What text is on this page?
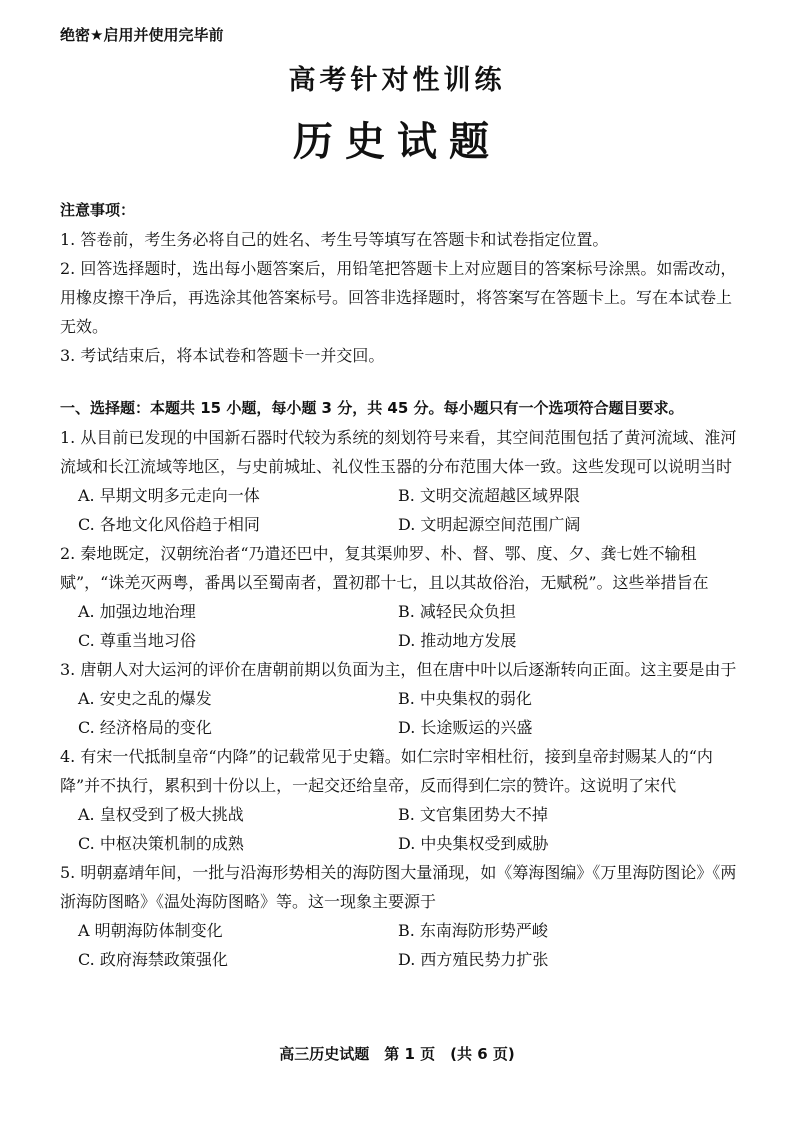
绝密★启用并使用完毕前
高考针对性训练
历史试题
注意事项：

1. 答卷前，考生务必将自己的姓名、考生号等填写在答题卡和试卷指定位置。

2. 回答选择题时，选出每小题答案后，用铅笔把答题卡上对应题目的答案标号涂黑。如需改动，用橡皮擦干净后，再选涂其他答案标号。回答非选择题时，将答案写在答题卡上。写在本试卷上无效。

3. 考试结束后，将本试卷和答题卡一并交回。

一、选择题：本题共 15 小题，每小题 3 分，共 45 分。每小题只有一个选项符合题目要求。

1. 从目前已发现的中国新石器时代较为系统的刻划符号来看，其空间范围包括了黄河流域、淮河流域和长江流域等地区，与史前城址、礼仪性玉器的分布范围大体一致。这些发现可以说明当时

A. 早期文明多元走向一体	B. 文明交流超越区域界限

C. 各地文化风俗趋于相同	D. 文明起源空间范围广阔

2. 秦地既定，汉朝统治者“乃遣还巴中，复其渠帅罗、朴、督、鄂、度、夕、龚七姓不输租赋”，“诛羌灭两粤，番禺以至蜀南者，置初郡十七，且以其故俗治，无赋税”。这些举措旨在

A. 加强边地治理	B. 减轻民众负担

C. 尊重当地习俗	D. 推动地方发展

3. 唐朝人对大运河的评价在唐朝前期以负面为主，但在唐中叶以后逐渐转向正面。这主要是由于

A. 安史之乱的爆发	B. 中央集权的弱化

C. 经济格局的变化	D. 长途贩运的兴盛

4. 有宋一代抵制皇帝“内降”的记载常见于史籍。如仁宗时宰相杜衍，接到皇帝封赐某人的“内降”并不执行，累积到十份以上，一起交还给皇帝，反而得到仁宗的赞许。这说明了宋代

A. 皇权受到了极大挑战	B. 文官集团势大不掉

C. 中枢决策机制的成熟	D. 中央集权受到威胁

5. 明朝嘉靖年间，一批与沿海形势相关的海防图大量涌现，如《筹海图编》《万里海防图论》《两浙海防图略》《温处海防图略》等。这一现象主要源于

A 明朝海防体制变化	B. 东南海防形势严峻

C. 政府海禁政策强化	D. 西方殖民势力扩张

高三历史试题　第 1 页　(共 6 页)
